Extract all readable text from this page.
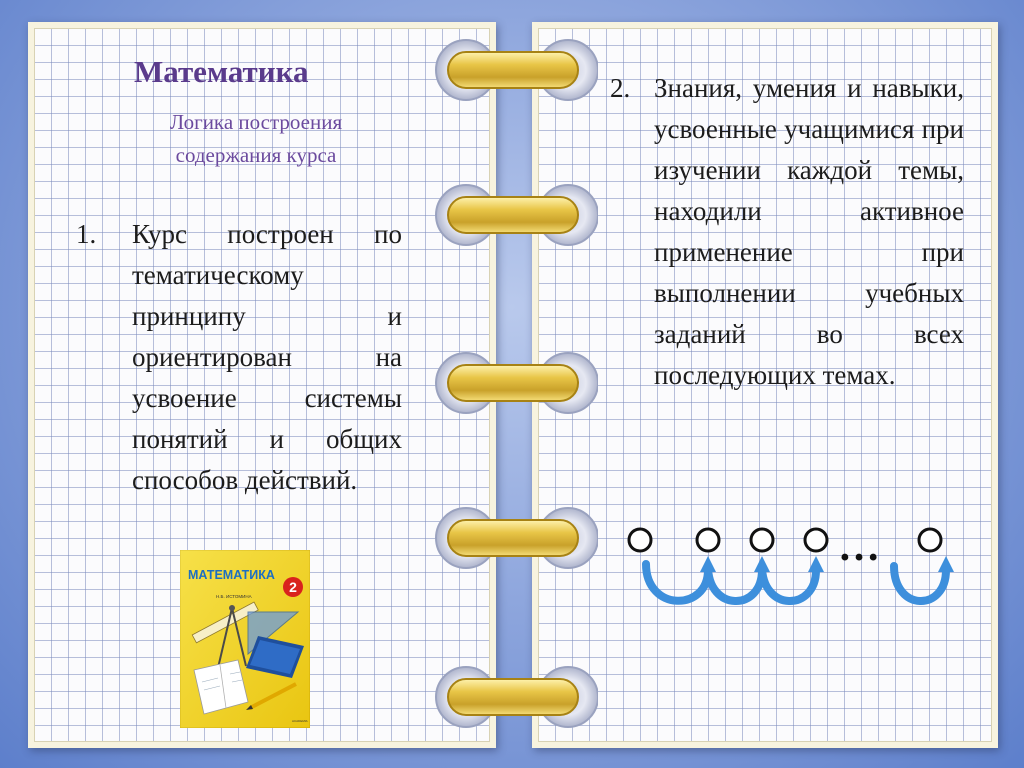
Математика
Логика построения содержания курса
1. Курс построен по тематическому принципу и ориентирован на усвоение системы понятий и общих способов действий.
МАТЕМАТИКА
2
Н.Б. ИСТОМИНА
ACADEMIA
2. Знания, умения и навыки, усвоенные учащимися при изучении каждой темы, находили активное применение при выполнении учебных заданий во всех последующих темах.
…
